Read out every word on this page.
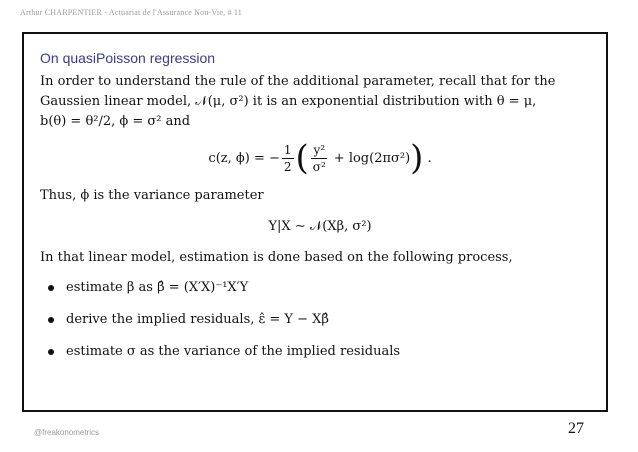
Arthur CHARPENTIER - Actuariat de l'Assurance Non-Vie, # 11
On quasiPoisson regression

In order to understand the rule of the additional parameter, recall that for the

Gaussien linear model, 𝒩(μ, σ²) it is an exponential distribution with θ = μ,

b(θ) = θ²/2, ϕ = σ² and

c(z, ϕ) = − $\frac{1}{2}$ ( $\frac{\text{y²}}{\text{σ²}} + \log(2\pi\sigma^2)$ ) .

Thus, ϕ is the variance parameter

Y|X ∼ 𝒩(Xβ, σ²)

In that linear model, estimation is done based on the following process,

estimate β as β̂ = (X′X)⁻¹X′Y
derive the implied residuals, ε̂ = Y − Xβ̂
estimate σ as the variance of the implied residuals
@freakonometrics	27
